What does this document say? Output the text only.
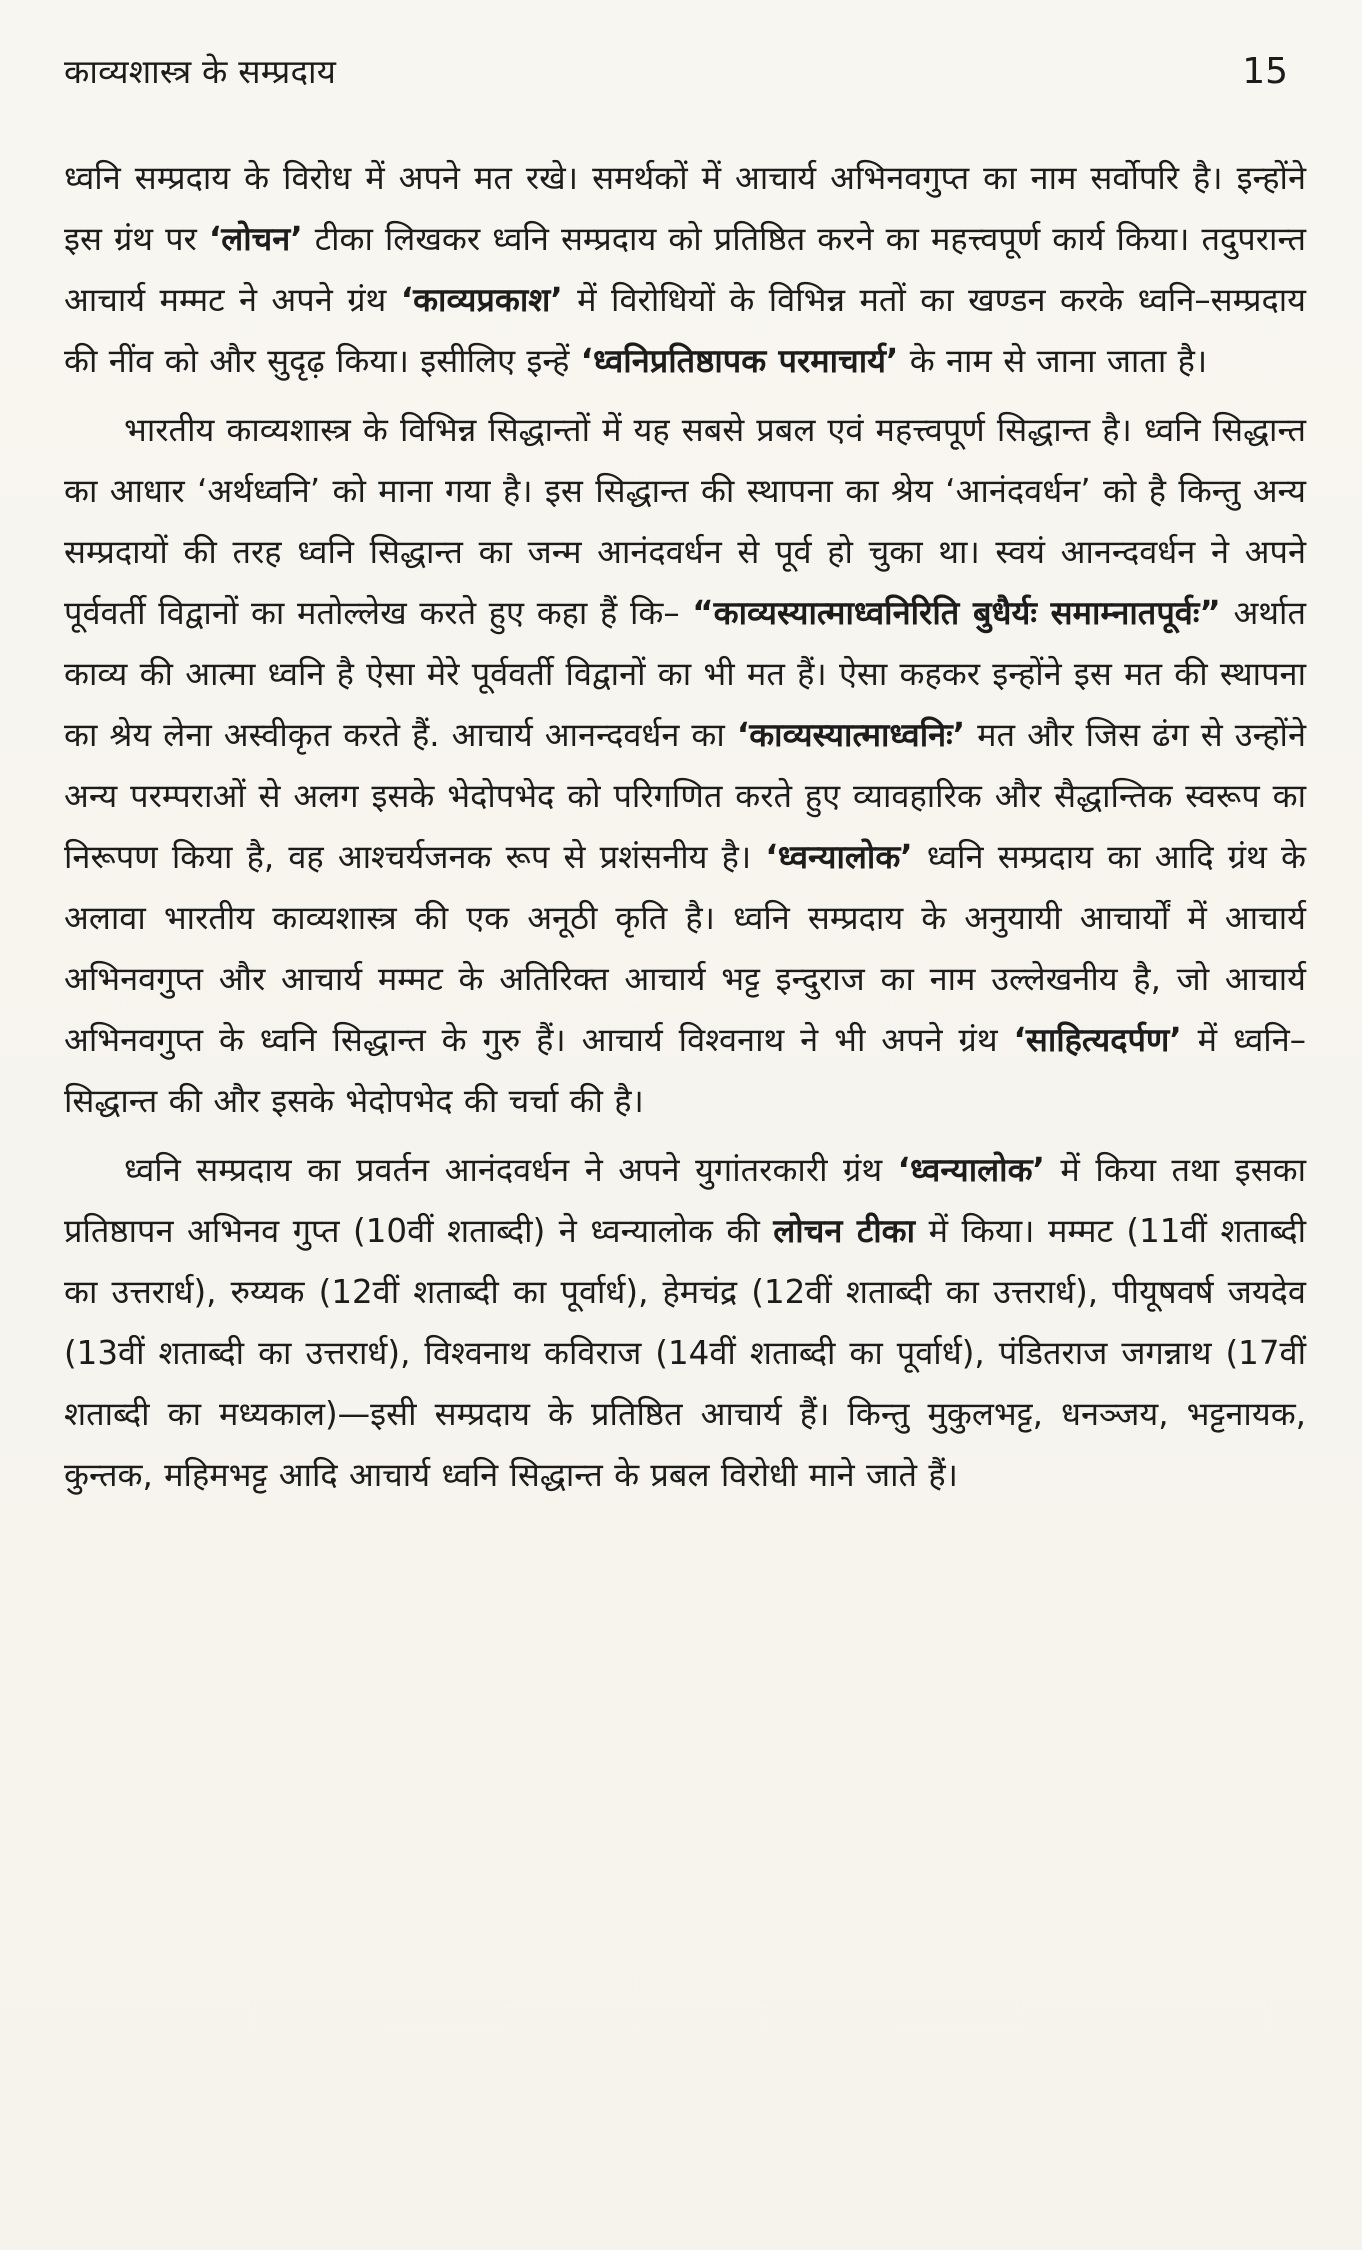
काव्यशास्त्र के सम्प्रदाय	15

ध्वनि सम्प्रदाय के विरोध में अपने मत रखे। समर्थकों में आचार्य अभिनवगुप्त का नाम सर्वोपरि है। इन्होंने इस ग्रंथ पर ‘लोचन’ टीका लिखकर ध्वनि सम्प्रदाय को प्रतिष्ठित करने का महत्त्वपूर्ण कार्य किया। तदुपरान्त आचार्य मम्मट ने अपने ग्रंथ ‘काव्यप्रकाश’ में विरोधियों के विभिन्न मतों का खण्डन करके ध्वनि–सम्प्रदाय की नींव को और सुदृढ़ किया। इसीलिए इन्हें ‘ध्वनिप्रतिष्ठापक परमाचार्य’ के नाम से जाना जाता है।

भारतीय काव्यशास्त्र के विभिन्न सिद्धान्तों में यह सबसे प्रबल एवं महत्त्वपूर्ण सिद्धान्त है। ध्वनि सिद्धान्त का आधार ‘अर्थध्वनि’ को माना गया है। इस सिद्धान्त की स्थापना का श्रेय ‘आनंदवर्धन’ को है किन्तु अन्य सम्प्रदायों की तरह ध्वनि सिद्धान्त का जन्म आनंदवर्धन से पूर्व हो चुका था। स्वयं आनन्दवर्धन ने अपने पूर्ववर्ती विद्वानों का मतोल्लेख करते हुए कहा हैं कि– “काव्यस्यात्माध्वनिरिति बुधैर्यः समाम्नातपूर्वः” अर्थात काव्य की आत्मा ध्वनि है ऐसा मेरे पूर्ववर्ती विद्वानों का भी मत हैं। ऐसा कहकर इन्होंने इस मत की स्थापना का श्रेय लेना अस्वीकृत करते हैं. आचार्य आनन्दवर्धन का ‘काव्यस्यात्माध्वनिः’ मत और जिस ढंग से उन्होंने अन्य परम्पराओं से अलग इसके भेदोपभेद को परिगणित करते हुए व्यावहारिक और सैद्धान्तिक स्वरूप का निरूपण किया है, वह आश्चर्यजनक रूप से प्रशंसनीय है। ‘ध्वन्यालोक’ ध्वनि सम्प्रदाय का आदि ग्रंथ के अलावा भारतीय काव्यशास्त्र की एक अनूठी कृति है। ध्वनि सम्प्रदाय के अनुयायी आचार्यों में आचार्य अभिनवगुप्त और आचार्य मम्मट के अतिरिक्त आचार्य भट्ट इन्दुराज का नाम उल्लेखनीय है, जो आचार्य अभिनवगुप्त के ध्वनि सिद्धान्त के गुरु हैं। आचार्य विश्वनाथ ने भी अपने ग्रंथ ‘साहित्यदर्पण’ में ध्वनि–सिद्धान्त की और इसके भेदोपभेद की चर्चा की है।

ध्वनि सम्प्रदाय का प्रवर्तन आनंदवर्धन ने अपने युगांतरकारी ग्रंथ ‘ध्वन्यालोक’ में किया तथा इसका प्रतिष्ठापन अभिनव गुप्त (10वीं शताब्दी) ने ध्वन्यालोक की लोचन टीका में किया। मम्मट (11वीं शताब्दी का उत्तरार्ध), रुय्यक (12वीं शताब्दी का पूर्वार्ध), हेमचंद्र (12वीं शताब्दी का उत्तरार्ध), पीयूषवर्ष जयदेव (13वीं शताब्दी का उत्तरार्ध), विश्वनाथ कविराज (14वीं शताब्दी का पूर्वार्ध), पंडितराज जगन्नाथ (17वीं शताब्दी का मध्यकाल)—इसी सम्प्रदाय के प्रतिष्ठित आचार्य हैं। किन्तु मुकुलभट्ट, धनञ्जय, भट्टनायक, कुन्तक, महिमभट्ट आदि आचार्य ध्वनि सिद्धान्त के प्रबल विरोधी माने जाते हैं।
